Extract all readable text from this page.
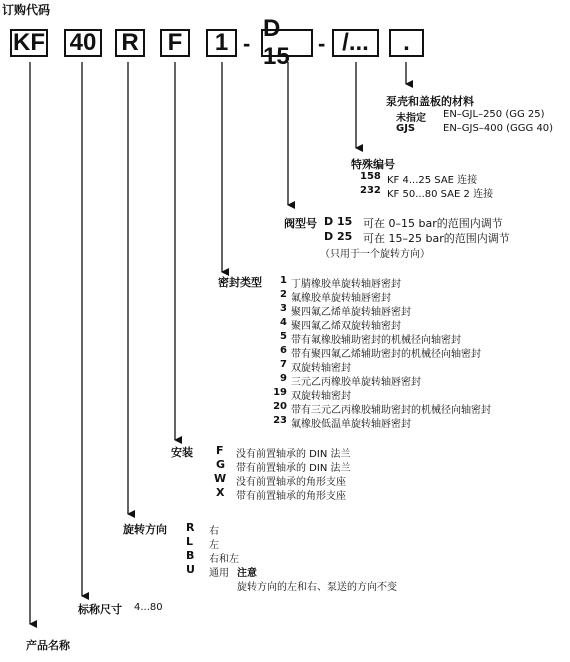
订购代码
KF 40 R	F	1 -
D 15	- /...	.
泵壳和盖板的材料
未指定 EN–GJL–250 (GG 25)
GJS	EN–GJS–400 (GGG 40)
特殊编号
158 KF 4...25 SAE 连接
232 KF 50...80 SAE 2 连接
阀型号 D 15 可在 0–15 bar的范围内调节
D 25 可在 15–25 bar的范围内调节
（只用于一个旋转方向）
密封类型	1 丁腈橡胶单旋转轴唇密封
2 氟橡胶单旋转轴唇密封
3 聚四氟乙烯单旋转轴唇密封
4 聚四氟乙烯双旋转轴密封
5 带有氟橡胶辅助密封的机械径向轴密封
6 带有聚四氟乙烯辅助密封的机械径向轴密封
7 双旋转轴密封
9 三元乙丙橡胶单旋转轴唇密封
19 双旋转轴密封
20 带有三元乙丙橡胶辅助密封的机械径向轴密封
23 氟橡胶低温单旋转轴唇密封
安装 F 没有前置轴承的 DIN 法兰
G 带有前置轴承的 DIN 法兰
W 没有前置轴承的角形支座
X 带有前置轴承的角形支座
旋转方向 R 右
L 左
B 右和左
U 通用 注意
旋转方向的左和右、泵送的方向不变
标称尺寸 4...80
产品名称
